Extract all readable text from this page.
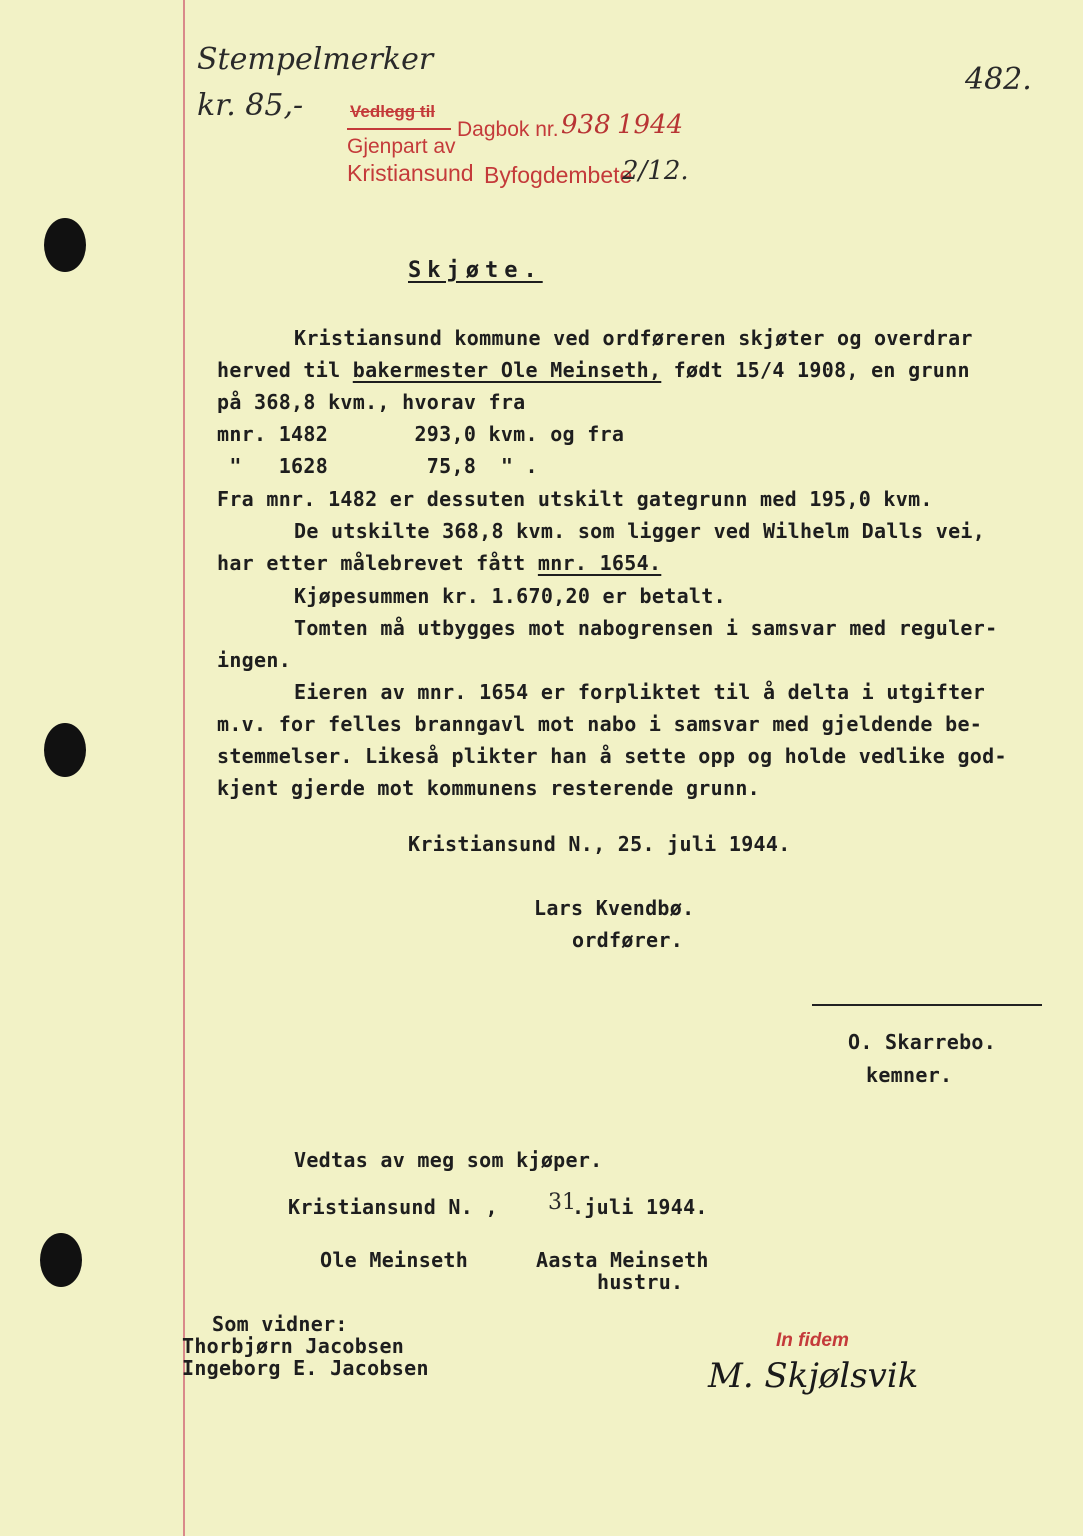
Stempelmerker
kr. 85,-
482.
Vedlegg til
Gjenpart av
Dagbok nr. 938 1944
Kristiansund Byfogdembete
2/12.
Skjøte.
Kristiansund kommune ved ordføreren skjøter og overdrar
herved til bakermester Ole Meinseth, født 15/4 1908, en grunn
på 368,8 kvm., hvorav fra
mnr. 1482       293,0 kvm. og fra
"   1628        75,8  " .
Fra mnr. 1482 er dessuten utskilt gategrunn med 195,0 kvm.
De utskilte 368,8 kvm. som ligger ved Wilhelm Dalls vei,
har etter målebrevet fått mnr. 1654.
Kjøpesummen kr. 1.670,20 er betalt.
Tomten må utbygges mot nabogrensen i samsvar med reguler-
ingen.
Eieren av mnr. 1654 er forpliktet til å delta i utgifter
m.v. for felles branngavl mot nabo i samsvar med gjeldende be-
stemmelser. Likeså plikter han å sette opp og holde vedlike god-
kjent gjerde mot kommunens resterende grunn.
Kristiansund N., 25. juli 1944.
Lars Kvendbø.
ordfører.
O. Skarrebo.
kemner.
Vedtas av meg som kjøper.
Kristiansund N. , 31
.juli 1944.
Ole Meinseth	Aasta Meinseth
hustru.
Som vidner:
Thorbjørn Jacobsen
Ingeborg E. Jacobsen
In fidem
M. Skjølsvik
